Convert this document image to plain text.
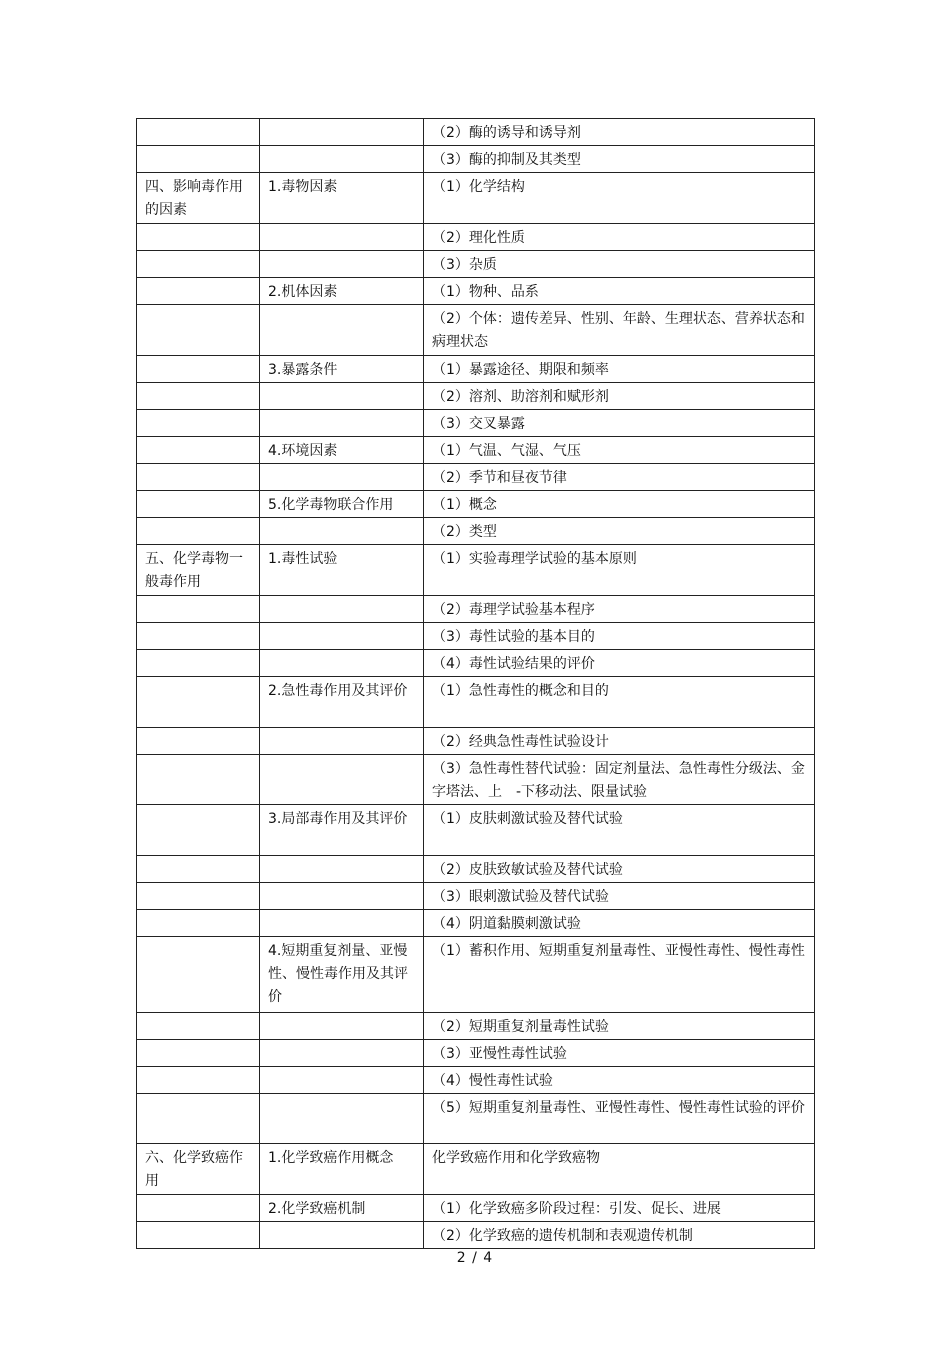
		（2）酶的诱导和诱导剂
		（3）酶的抑制及其类型
四、影响毒作用的因素	1.毒物因素	（1）化学结构
		（2）理化性质
		（3）杂质
	2.机体因素	（1）物种、品系
		（2）个体：遗传差异、性别、年龄、生理状态、营养状态和病理状态
	3.暴露条件	（1）暴露途径、期限和频率
		（2）溶剂、助溶剂和赋形剂
		（3）交叉暴露
	4.环境因素	（1）气温、气湿、气压
		（2）季节和昼夜节律
	5.化学毒物联合作用	（1）概念
		（2）类型
五、化学毒物一般毒作用	1.毒性试验	（1）实验毒理学试验的基本原则
		（2）毒理学试验基本程序
		（3）毒性试验的基本目的
		（4）毒性试验结果的评价
	2.急性毒作用及其评价	（1）急性毒性的概念和目的
		（2）经典急性毒性试验设计
		（3）急性毒性替代试验：固定剂量法、急性毒性分级法、金字塔法、上　-下移动法、限量试验
	3.局部毒作用及其评价	（1）皮肤刺激试验及替代试验
		（2）皮肤致敏试验及替代试验
		（3）眼刺激试验及替代试验
		（4）阴道黏膜刺激试验
	4.短期重复剂量、亚慢性、慢性毒作用及其评价	（1）蓄积作用、短期重复剂量毒性、亚慢性毒性、慢性毒性
		（2）短期重复剂量毒性试验
		（3）亚慢性毒性试验
		（4）慢性毒性试验
		（5）短期重复剂量毒性、亚慢性毒性、慢性毒性试验的评价
六、化学致癌作用	1.化学致癌作用概念	化学致癌作用和化学致癌物
	2.化学致癌机制	（1）化学致癌多阶段过程：引发、促长、进展
		（2）化学致癌的遗传机制和表观遗传机制
2 / 4
